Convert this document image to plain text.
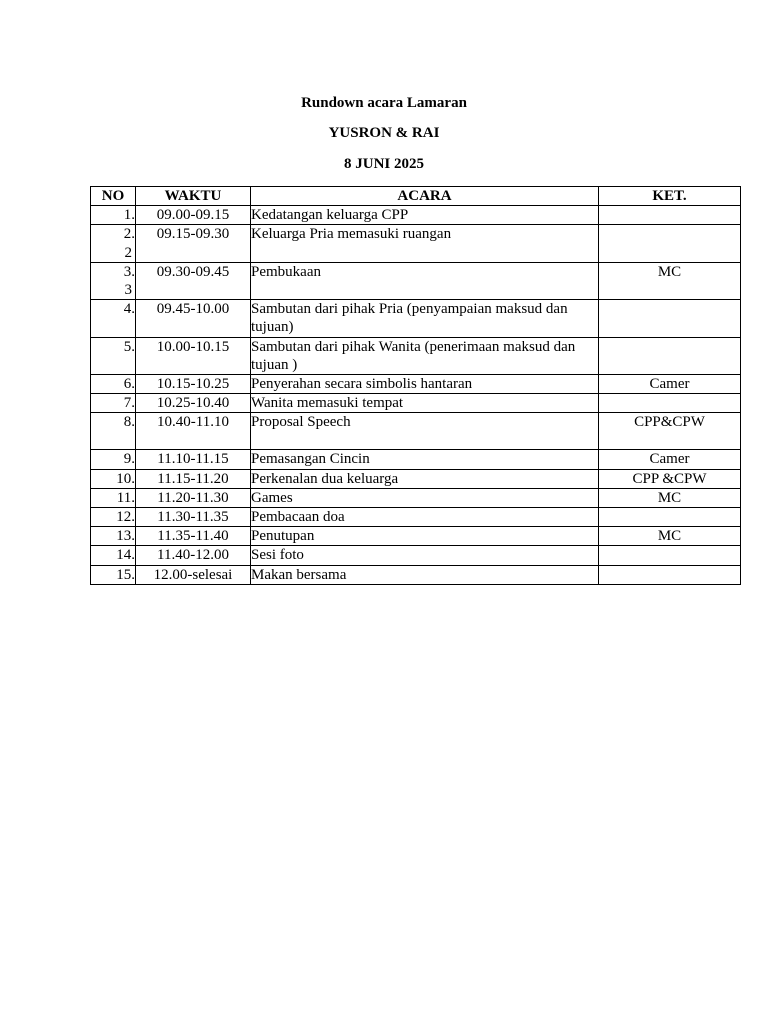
Rundown acara Lamaran
YUSRON & RAI
8 JUNI 2025
NO	WAKTU	ACARA	KET.

1.	09.00-09.15	Kedatangan keluarga CPP	

2.
2	09.15-09.30	Keluarga Pria memasuki ruangan	

3.
3	09.30-09.45	Pembukaan	MC

4.	09.45-10.00	Sambutan dari pihak Pria (penyampaian maksud dan tujuan)	

5.	10.00-10.15	Sambutan dari pihak Wanita (penerimaan maksud dan tujuan )	

6.	10.15-10.25	Penyerahan secara simbolis hantaran	Camer

7.	10.25-10.40	Wanita memasuki tempat	

8.	10.40-11.10	Proposal Speech	CPP&CPW

9.	11.10-11.15	Pemasangan Cincin	Camer

10.	11.15-11.20	Perkenalan dua keluarga	CPP &CPW

11.	11.20-11.30	Games	MC

12.	11.30-11.35	Pembacaan doa	

13.	11.35-11.40	Penutupan	MC

14.	11.40-12.00	Sesi foto	

15.	12.00-selesai	Makan bersama	
